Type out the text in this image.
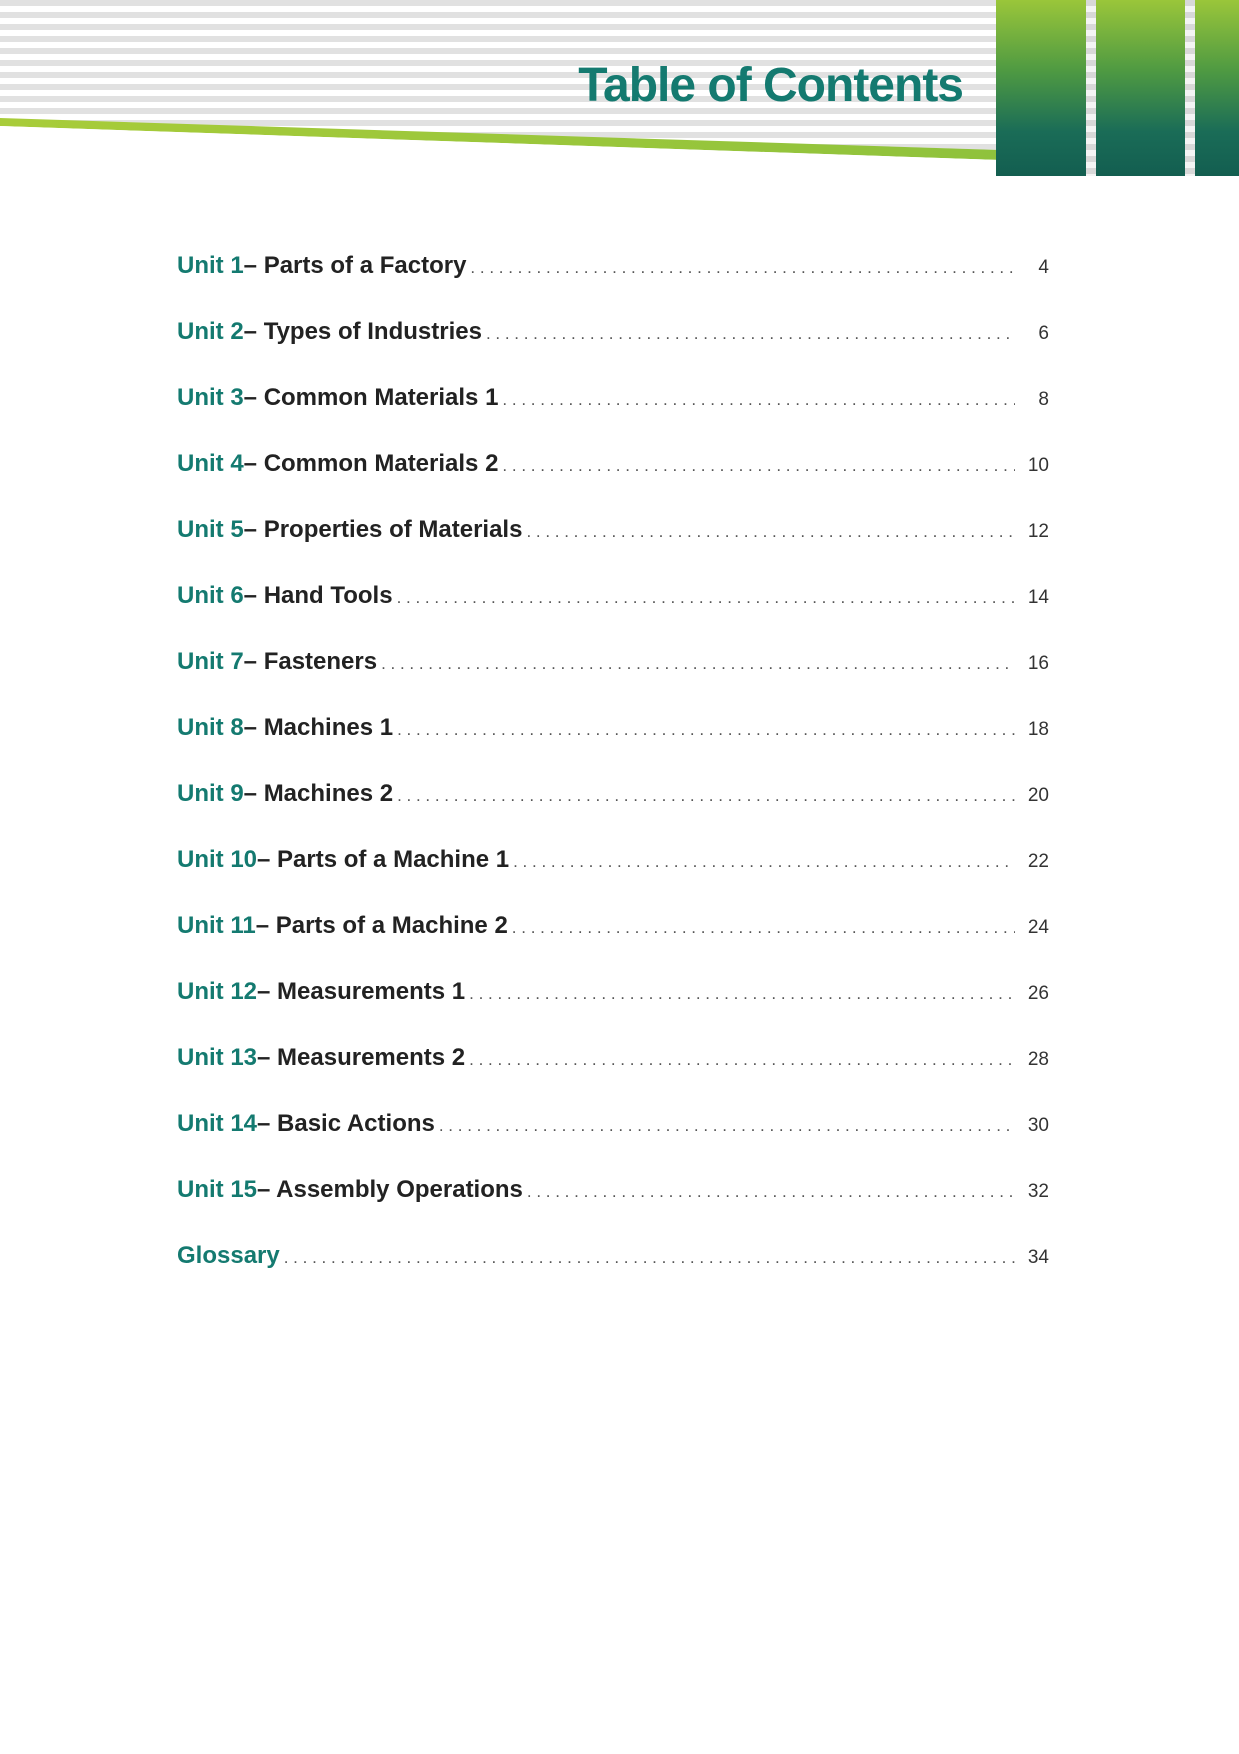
Table of Contents
Unit 1 – Parts of a Factory . . .	4
Unit 2 – Types of Industries . . .	6
Unit 3 – Common Materials 1 . . .	8
Unit 4 – Common Materials 2 . . .	10
Unit 5 – Properties of Materials . . .	12
Unit 6 – Hand Tools . . .	14
Unit 7 – Fasteners . . .	16
Unit 8 – Machines 1 . . .	18
Unit 9 – Machines 2 . . .	20
Unit 10 – Parts of a Machine 1 . . .	22
Unit 11 – Parts of a Machine 2 . . .	24
Unit 12 – Measurements 1 . . .	26
Unit 13 – Measurements 2 . . .	28
Unit 14 – Basic Actions . . .	30
Unit 15 – Assembly Operations . . .	32
Glossary . . .	34
